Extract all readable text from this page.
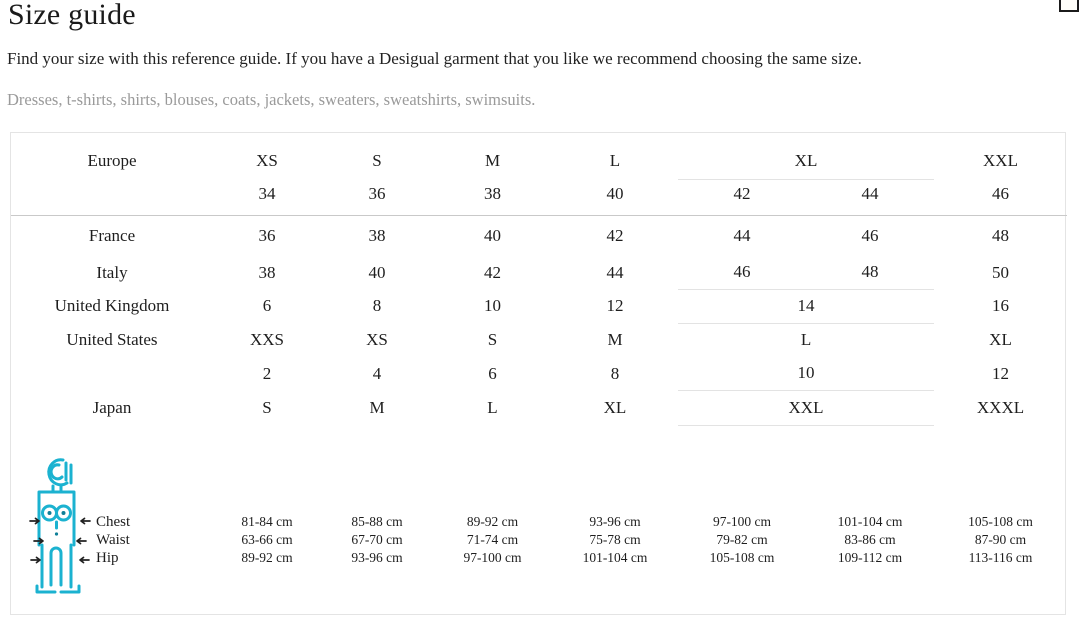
Size guide

Find your size with this reference guide. If you have a Desigual garment that you like we recommend choosing the same size.

Dresses, t-shirts, shirts, blouses, coats, jackets, sweaters, sweatshirts, swimsuits.

Europe	XS	S	M	L	XL		XXL
	34	36	38	40	42	44	46
France	36	38	40	42	44	46	48
Italy	38	40	42	44	46	48	50
United Kingdom	6	8	10	12	14		16
United States	XXS	XS	S	M	L		XL
	2	4	6	8	10		12
Japan	S	M	L	XL	XXL		XXXL
Chest	81-84 cm	85-88 cm	89-92 cm	93-96 cm	97-100 cm	101-104 cm	105-108 cm
Waist	63-66 cm	67-70 cm	71-74 cm	75-78 cm	79-82 cm	83-86 cm	87-90 cm
Hip	89-92 cm	93-96 cm	97-100 cm	101-104 cm	105-108 cm	109-112 cm	113-116 cm
